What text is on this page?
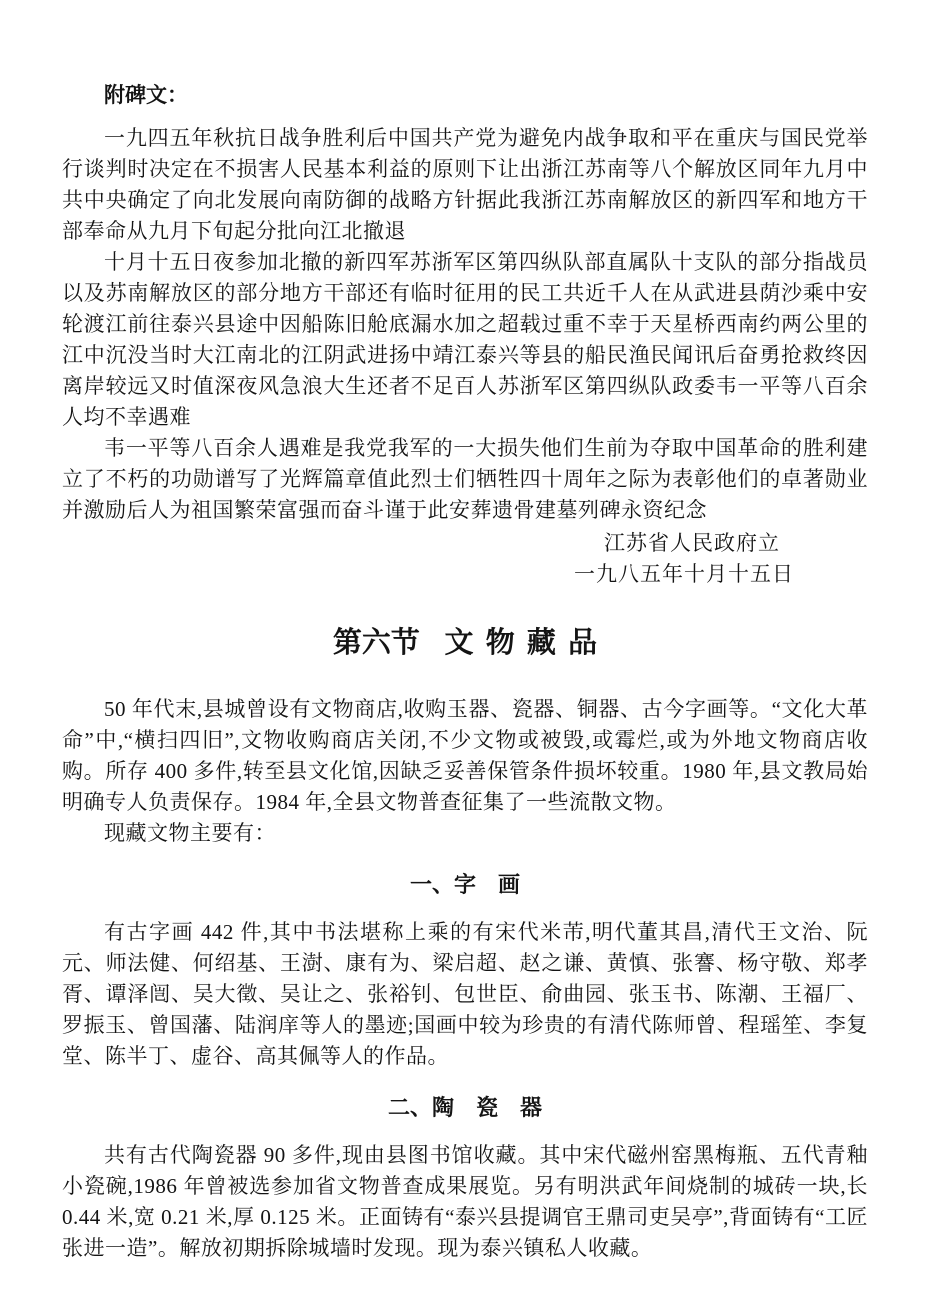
附碑文：

一九四五年秋抗日战争胜利后中国共产党为避免内战争取和平在重庆与国民党举行谈判时决定在不损害人民基本利益的原则下让出浙江苏南等八个解放区同年九月中共中央确定了向北发展向南防御的战略方针据此我浙江苏南解放区的新四军和地方干部奉命从九月下旬起分批向江北撤退

十月十五日夜参加北撤的新四军苏浙军区第四纵队部直属队十支队的部分指战员以及苏南解放区的部分地方干部还有临时征用的民工共近千人在从武进县荫沙乘中安轮渡江前往泰兴县途中因船陈旧舱底漏水加之超载过重不幸于天星桥西南约两公里的江中沉没当时大江南北的江阴武进扬中靖江泰兴等县的船民渔民闻讯后奋勇抢救终因离岸较远又时值深夜风急浪大生还者不足百人苏浙军区第四纵队政委韦一平等八百余人均不幸遇难

韦一平等八百余人遇难是我党我军的一大损失他们生前为夺取中国革命的胜利建立了不朽的功勋谱写了光辉篇章值此烈士们牺牲四十周年之际为表彰他们的卓著勋业并激励后人为祖国繁荣富强而奋斗谨于此安葬遗骨建墓列碑永资纪念

江苏省人民政府立

一九八五年十月十五日

第六节 文物藏品

50 年代末,县城曾设有文物商店,收购玉器、瓷器、铜器、古今字画等。“文化大革命”中,“横扫四旧”,文物收购商店关闭,不少文物或被毁,或霉烂,或为外地文物商店收购。所存 400 多件,转至县文化馆,因缺乏妥善保管条件损坏较重。1980 年,县文教局始明确专人负责保存。1984 年,全县文物普查征集了一些流散文物。

现藏文物主要有：

一、字　画

有古字画 442 件,其中书法堪称上乘的有宋代米芾,明代董其昌,清代王文治、阮元、师法健、何绍基、王澍、康有为、梁启超、赵之谦、黄慎、张謇、杨守敬、郑孝胥、谭泽闿、吴大徵、吴让之、张裕钊、包世臣、俞曲园、张玉书、陈潮、王福厂、罗振玉、曾国藩、陆润庠等人的墨迹;国画中较为珍贵的有清代陈师曾、程瑶笙、李复堂、陈半丁、虚谷、高其佩等人的作品。

二、陶　瓷　器

共有古代陶瓷器 90 多件,现由县图书馆收藏。其中宋代磁州窑黑梅瓶、五代青釉小瓷碗,1986 年曾被选参加省文物普查成果展览。另有明洪武年间烧制的城砖一块,长 0.44 米,宽 0.21 米,厚 0.125 米。正面铸有“泰兴县提调官王鼎司吏吴亭”,背面铸有“工匠张进一造”。解放初期拆除城墙时发现。现为泰兴镇私人收藏。
